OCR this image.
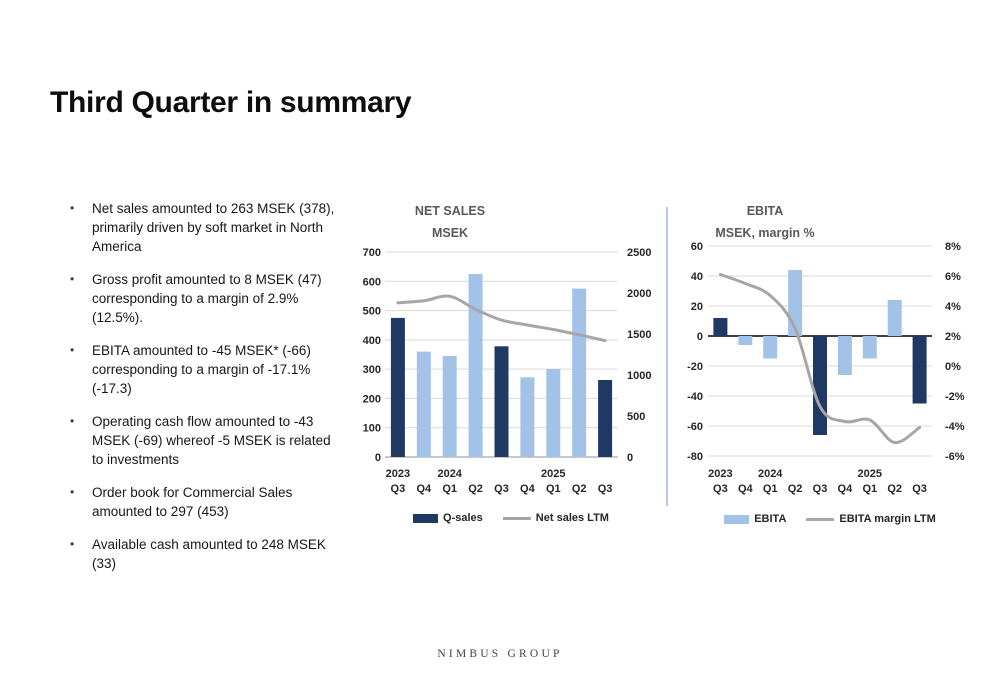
Third Quarter in summary
•	Net sales amounted to 263 MSEK (378), primarily driven by soft market in North America
•	Gross profit amounted to 8 MSEK (47) corresponding to a margin of 2.9% (12.5%).
•	EBITA amounted to -45 MSEK* (-66) corresponding to a margin of -17.1% (-17.3)
•	Operating cash flow amounted to -43 MSEK (-69) whereof -5 MSEK is related to investments
•	Order book for Commercial Sales amounted to 297 (453)
•	Available cash amounted to 248 MSEK (33)
NET SALES
MSEK
700
600
500
400
300
200
100
0
2500
2000
1500
1000
500
0
Q3 Q4 Q1 Q2 Q3 Q4 Q1 Q2 Q3
2023 2024	2025
Q-sales	Net sales LTM
EBITA
MSEK, margin %
60
40
20
0
-20
-40
-60
-80
8%
6%
4%
2%
0%
-2%
-4%
-6%
Q3 Q4 Q1 Q2 Q3 Q4 Q1 Q2 Q3
2023 2024	2025
EBITA	EBITA margin LTM
NIMBUS GROUP
